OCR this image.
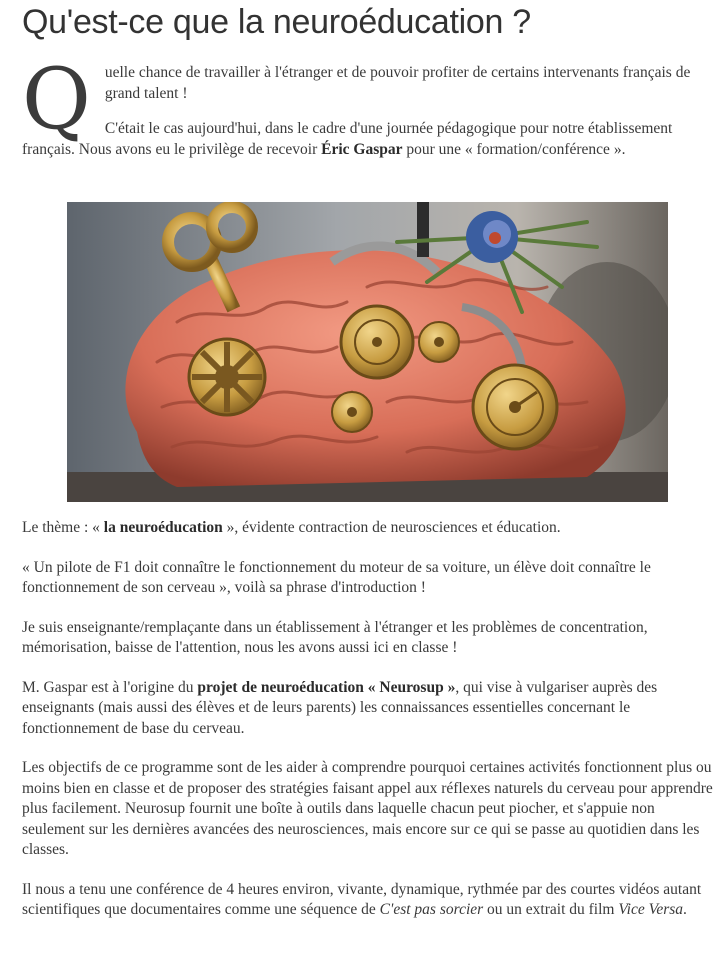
Qu'est-ce que la neuroéducation ?
Q uelle chance de travailler à l'étranger et de pouvoir profiter de certains intervenants français de grand talent !

C'était le cas aujourd'hui, dans le cadre d'une journée pédagogique pour notre établissement français. Nous avons eu le privilège de recevoir Éric Gaspar pour une « formation/conférence ».

Le thème : « la neuroéducation », évidente contraction de neurosciences et éducation.

« Un pilote de F1 doit connaître le fonctionnement du moteur de sa voiture, un élève doit connaître le fonctionnement de son cerveau », voilà sa phrase d'introduction !

Je suis enseignante/remplaçante dans un établissement à l'étranger et les problèmes de concentration, mémorisation, baisse de l'attention, nous les avons aussi ici en classe !

M. Gaspar est à l'origine du projet de neuroéducation « Neurosup », qui vise à vulgariser auprès des enseignants (mais aussi des élèves et de leurs parents) les connaissances essentielles concernant le fonctionnement de base du cerveau.

Les objectifs de ce programme sont de les aider à comprendre pourquoi certaines activités fonctionnent plus ou moins bien en classe et de proposer des stratégies faisant appel aux réflexes naturels du cerveau pour apprendre plus facilement. Neurosup fournit une boîte à outils dans laquelle chacun peut piocher, et s'appuie non seulement sur les dernières avancées des neurosciences, mais encore sur ce qui se passe au quotidien dans les classes.

Il nous a tenu une conférence de 4 heures environ, vivante, dynamique, rythmée par des courtes vidéos autant scientifiques que documentaires comme une séquence de C'est pas sorcier ou un extrait du film Vice Versa.
